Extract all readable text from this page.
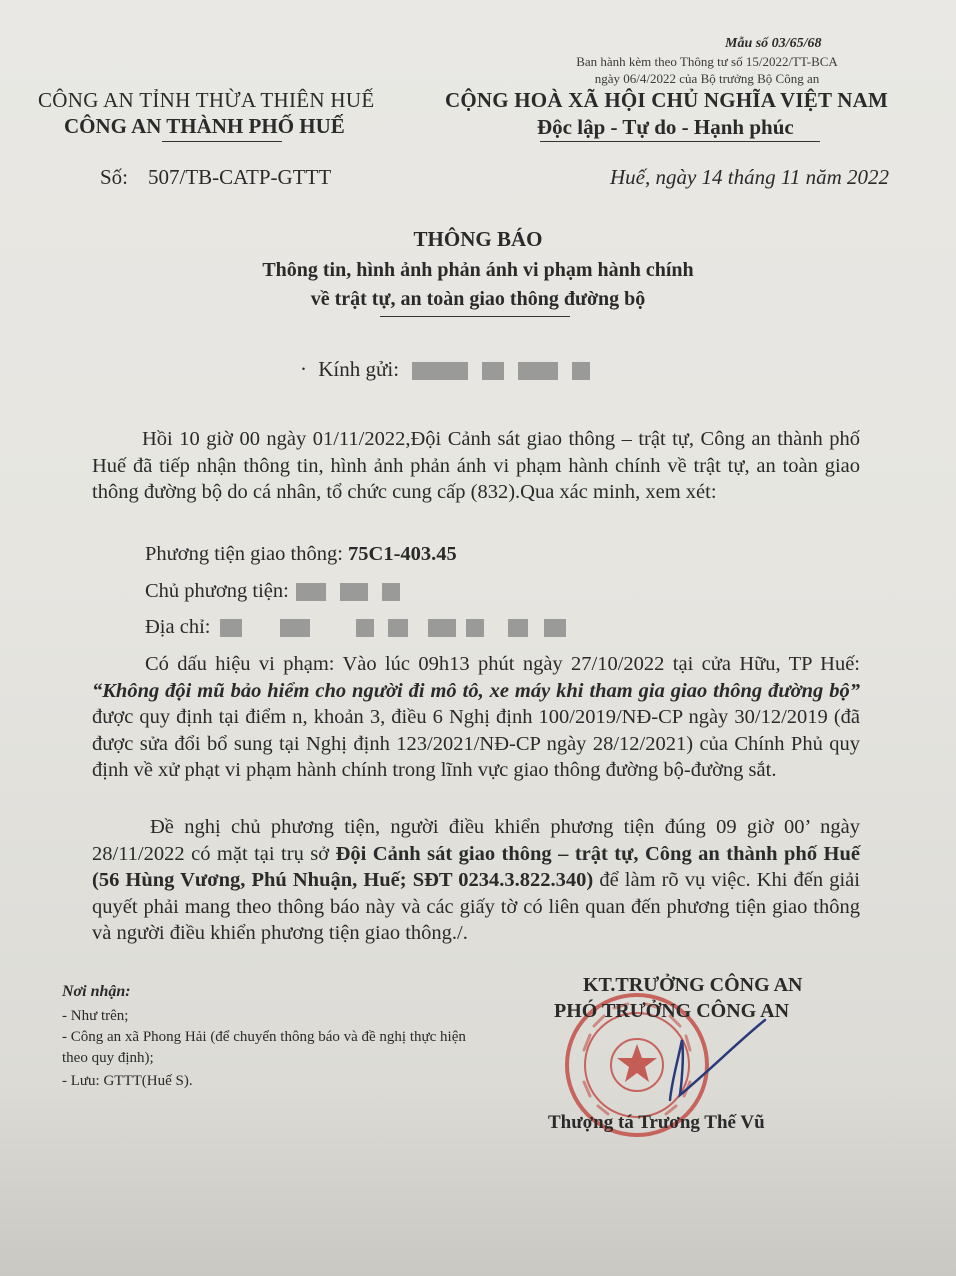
Mẫu số 03/65/68
Ban hành kèm theo Thông tư số 15/2022/TT-BCA
ngày 06/4/2022 của Bộ trưởng Bộ Công an
CÔNG AN TỈNH THỪA THIÊN HUẾ
CÔNG AN THÀNH PHỐ HUẾ
CỘNG HOÀ XÃ HỘI CHỦ NGHĨA VIỆT NAM
Độc lập - Tự do - Hạnh phúc
Số: 507/TB-CATP-GTTT	Huế, ngày 14 tháng 11 năm 2022
THÔNG BÁO
Thông tin, hình ảnh phản ánh vi phạm hành chính
về trật tự, an toàn giao thông đường bộ
· Kính gửi:
Hồi 10 giờ 00 ngày 01/11/2022,Đội Cảnh sát giao thông – trật tự, Công an thành phố Huế đã tiếp nhận thông tin, hình ảnh phản ánh vi phạm hành chính về trật tự, an toàn giao thông đường bộ do cá nhân, tổ chức cung cấp (832).Qua xác minh, xem xét:
Phương tiện giao thông: 75C1-403.45
Chủ phương tiện:
Địa chỉ:
Có dấu hiệu vi phạm: Vào lúc 09h13 phút ngày 27/10/2022 tại cửa Hữu, TP Huế: “Không đội mũ bảo hiểm cho người đi mô tô, xe máy khi tham gia giao thông đường bộ” được quy định tại điểm n, khoản 3, điều 6 Nghị định 100/2019/NĐ-CP ngày 30/12/2019 (đã được sửa đổi bổ sung tại Nghị định 123/2021/NĐ-CP ngày 28/12/2021) của Chính Phủ quy định về xử phạt vi phạm hành chính trong lĩnh vực giao thông đường bộ-đường sắt.
Đề nghị chủ phương tiện, người điều khiển phương tiện đúng 09 giờ 00’ ngày 28/11/2022 có mặt tại trụ sở Đội Cảnh sát giao thông – trật tự, Công an thành phố Huế (56 Hùng Vương, Phú Nhuận, Huế; SĐT 0234.3.822.340) để làm rõ vụ việc. Khi đến giải quyết phải mang theo thông báo này và các giấy tờ có liên quan đến phương tiện giao thông và người điều khiển phương tiện giao thông./.
Nơi nhận:
- Như trên;
- Công an xã Phong Hải (để chuyển thông báo và đề nghị thực hiện theo quy định);
- Lưu: GTTT(Huế S).
KT.TRƯỞNG CÔNG AN
PHÓ TRƯỞNG CÔNG AN
Thượng tá Trương Thế Vũ
